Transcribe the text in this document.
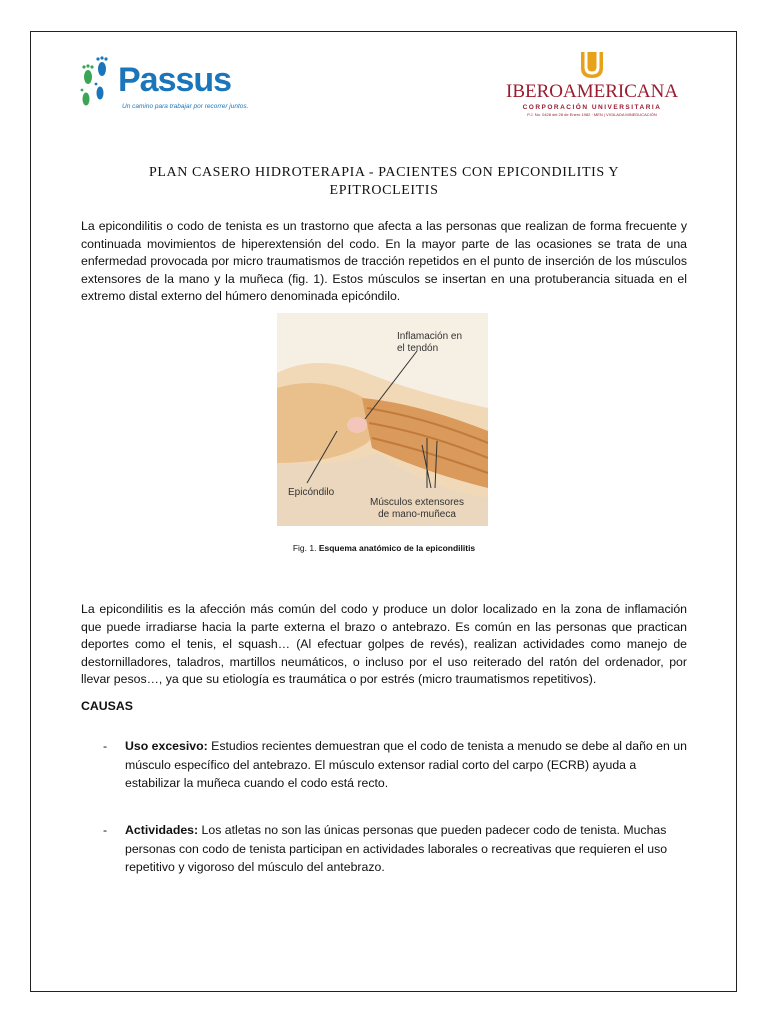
Passus
Un camino para trabajar por recorrer juntos.
IBEROAMERICANA
CORPORACIÓN UNIVERSITARIA
P.J. No. 0428 del 28 de Enero 1982 · MEN | VIGILADA MINEDUCACIÓN
PLAN CASERO HIDROTERAPIA - PACIENTES CON EPICONDILITIS Y
EPITROCLEITIS
La epicondilitis o codo de tenista es un trastorno que afecta a las personas que realizan de forma frecuente y continuada movimientos de hiperextensión del codo. En la mayor parte de las ocasiones se trata de una enfermedad provocada por micro traumatismos de tracción repetidos en el punto de inserción de los músculos extensores de la mano y la muñeca (fig. 1). Estos músculos se insertan en una protuberancia situada en el extremo distal externo del húmero denominada epicóndilo.
Inflamación en
el tendón
Epicóndilo
Músculos extensores
de mano-muñeca
Fig. 1. Esquema anatómico de la epicondilitis
La epicondilitis es la afección más común del codo y produce un dolor localizado en la zona de inflamación que puede irradiarse hacia la parte externa el brazo o antebrazo. Es común en las personas que practican deportes como el tenis, el squash… (Al efectuar golpes de revés), realizan actividades como manejo de destornilladores, taladros, martillos neumáticos, o incluso por el uso reiterado del ratón del ordenador, por llevar pesos…, ya que su etiología es traumática o por estrés (micro traumatismos repetitivos).
CAUSAS
- Uso excesivo: Estudios recientes demuestran que el codo de tenista a menudo se debe al daño en un músculo específico del antebrazo. El músculo extensor radial corto del carpo (ECRB) ayuda a estabilizar la muñeca cuando el codo está recto.
- Actividades: Los atletas no son las únicas personas que pueden padecer codo de tenista. Muchas personas con codo de tenista participan en actividades laborales o recreativas que requieren el uso repetitivo y vigoroso del músculo del antebrazo.
